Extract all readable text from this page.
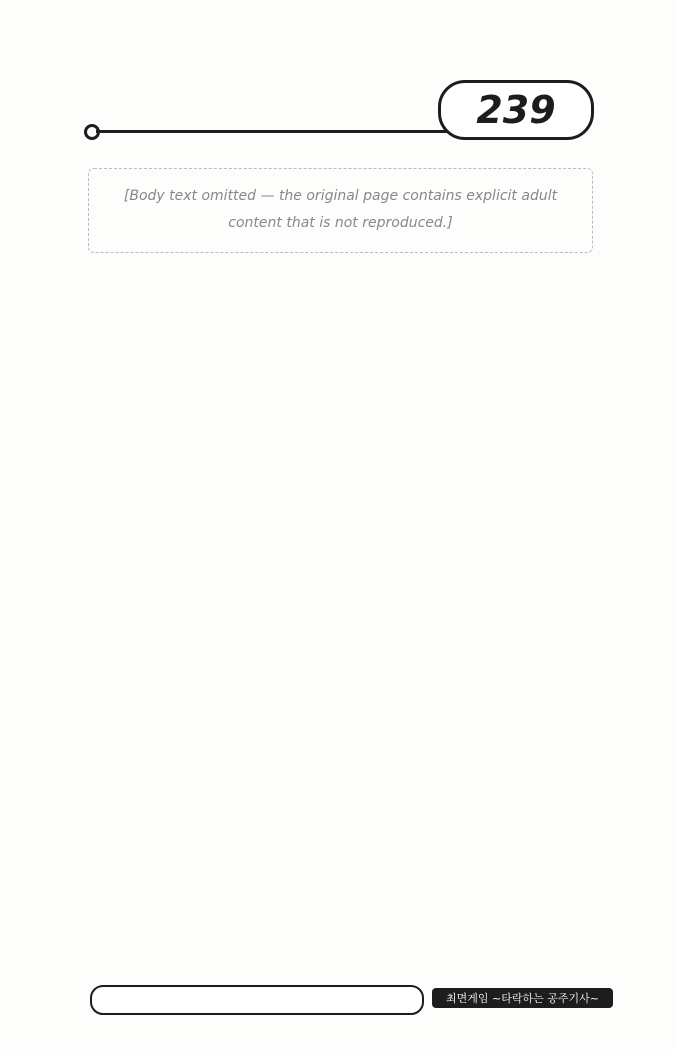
239
[Body text omitted — the original page contains explicit adult content that is not reproduced.]
최면게임 ~타락하는 공주기사~
